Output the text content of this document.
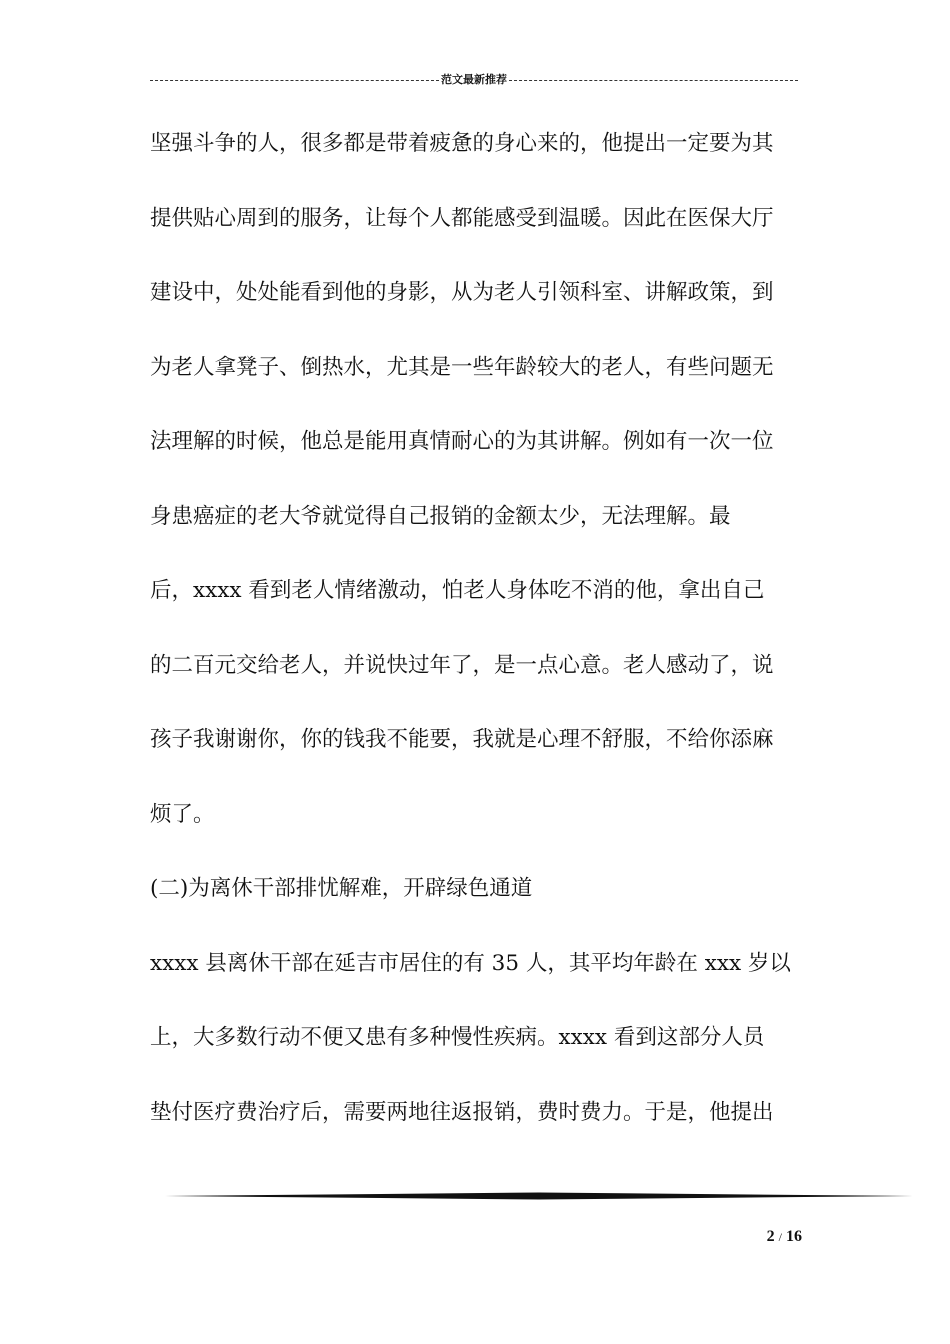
范文最新推荐
坚强斗争的人，很多都是带着疲惫的身心来的，他提出一定要为其
提供贴心周到的服务，让每个人都能感受到温暖。因此在医保大厅
建设中，处处能看到他的身影，从为老人引领科室、讲解政策，到
为老人拿凳子、倒热水，尤其是一些年龄较大的老人，有些问题无
法理解的时候，他总是能用真情耐心的为其讲解。例如有一次一位
身患癌症的老大爷就觉得自己报销的金额太少，无法理解。最
后，xxxx 看到老人情绪激动，怕老人身体吃不消的他，拿出自己
的二百元交给老人，并说快过年了，是一点心意。老人感动了，说
孩子我谢谢你，你的钱我不能要，我就是心理不舒服，不给你添麻
烦了。
(二)为离休干部排忧解难，开辟绿色通道
xxxx 县离休干部在延吉市居住的有 35 人，其平均年龄在 xxx 岁以
上，大多数行动不便又患有多种慢性疾病。xxxx 看到这部分人员
垫付医疗费治疗后，需要两地往返报销，费时费力。于是，他提出
2 / 16
